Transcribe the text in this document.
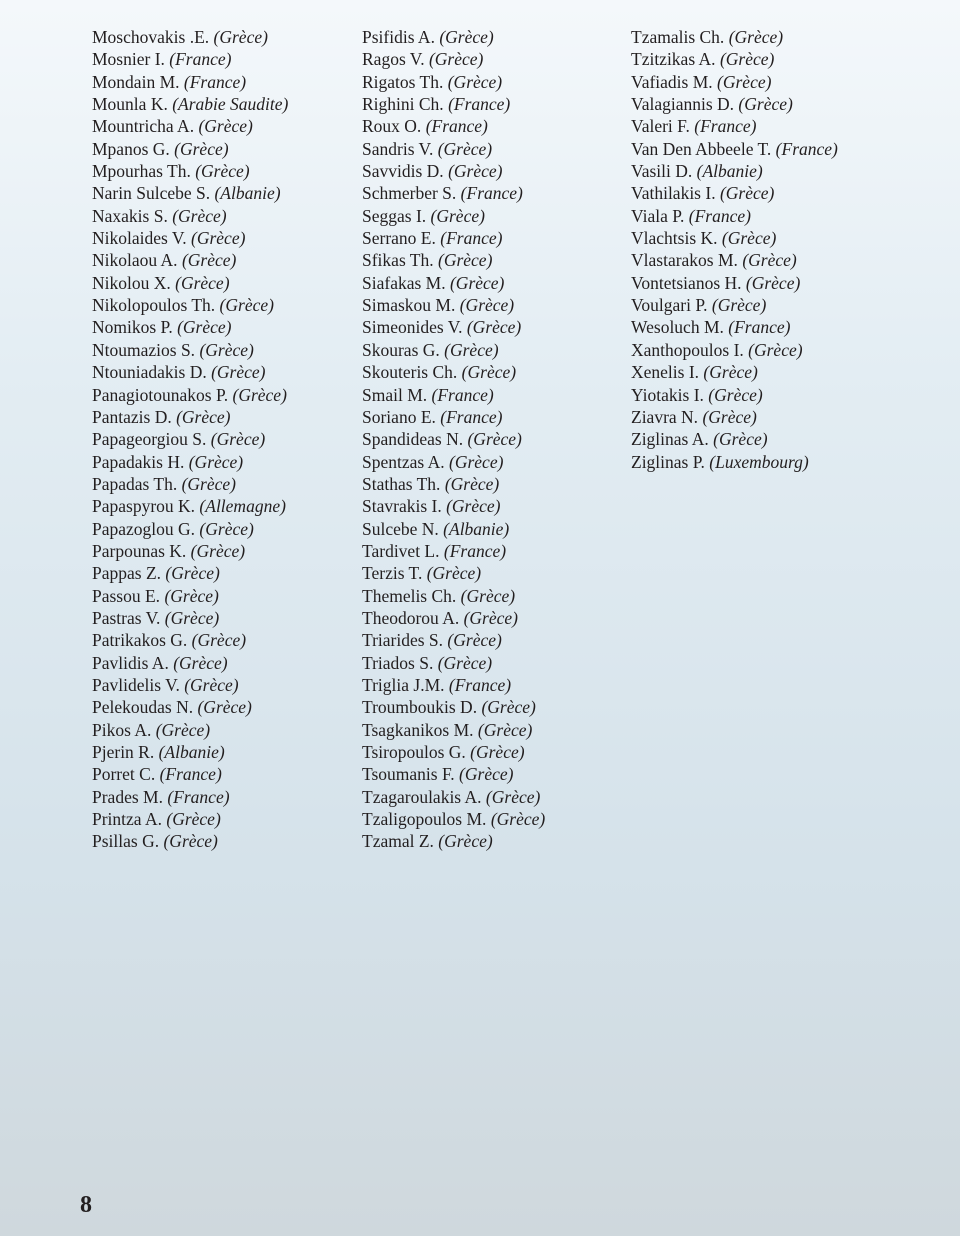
Moschovakis .E. (Grèce)
Mosnier I. (France)
Mondain M. (France)
Mounla K. (Arabie Saudite)
Mountricha A. (Grèce)
Mpanos G. (Grèce)
Mpourhas Th. (Grèce)
Narin Sulcebe S. (Albanie)
Naxakis S. (Grèce)
Nikolaides V. (Grèce)
Nikolaou A. (Grèce)
Nikolou X. (Grèce)
Nikolopoulos Th. (Grèce)
Nomikos P. (Grèce)
Ntoumazios S. (Grèce)
Ntouniadakis D. (Grèce)
Panagiotounakos P. (Grèce)
Pantazis D. (Grèce)
Papageorgiou S. (Grèce)
Papadakis H. (Grèce)
Papadas Th. (Grèce)
Papaspyrou K. (Allemagne)
Papazoglou G. (Grèce)
Parpounas K. (Grèce)
Pappas Z. (Grèce)
Passou E. (Grèce)
Pastras V. (Grèce)
Patrikakos G. (Grèce)
Pavlidis A. (Grèce)
Pavlidelis V. (Grèce)
Pelekoudas N. (Grèce)
Pikos A. (Grèce)
Pjerin R. (Albanie)
Porret C. (France)
Prades M. (France)
Printza A. (Grèce)
Psillas G. (Grèce)
Psifidis A. (Grèce)
Ragos V. (Grèce)
Rigatos Th. (Grèce)
Righini Ch. (France)
Roux O. (France)
Sandris V. (Grèce)
Savvidis D. (Grèce)
Schmerber S. (France)
Seggas I. (Grèce)
Serrano E. (France)
Sfikas Th. (Grèce)
Siafakas M. (Grèce)
Simaskou M. (Grèce)
Simeonides V. (Grèce)
Skouras G. (Grèce)
Skouteris Ch. (Grèce)
Smail M. (France)
Soriano E. (France)
Spandideas N. (Grèce)
Spentzas A. (Grèce)
Stathas Th. (Grèce)
Stavrakis I. (Grèce)
Sulcebe N. (Albanie)
Tardivet L. (France)
Terzis T. (Grèce)
Themelis Ch. (Grèce)
Theodorou A. (Grèce)
Triarides S. (Grèce)
Triados S. (Grèce)
Triglia J.M. (France)
Troumboukis D. (Grèce)
Tsagkanikos M. (Grèce)
Tsiropoulos G. (Grèce)
Tsoumanis F. (Grèce)
Tzagaroulakis A. (Grèce)
Tzaligopoulos M. (Grèce)
Tzamal Z. (Grèce)
Tzamalis Ch. (Grèce)
Tzitzikas A. (Grèce)
Vafiadis M. (Grèce)
Valagiannis D. (Grèce)
Valeri F. (France)
Van Den Abbeele T. (France)
Vasili D. (Albanie)
Vathilakis I. (Grèce)
Viala P. (France)
Vlachtsis K. (Grèce)
Vlastarakos M. (Grèce)
Vontetsianos H. (Grèce)
Voulgari P. (Grèce)
Wesoluch M. (France)
Xanthopoulos I. (Grèce)
Xenelis I. (Grèce)
Yiotakis I. (Grèce)
Ziavra N. (Grèce)
Ziglinas A. (Grèce)
Ziglinas P. (Luxembourg)
8
